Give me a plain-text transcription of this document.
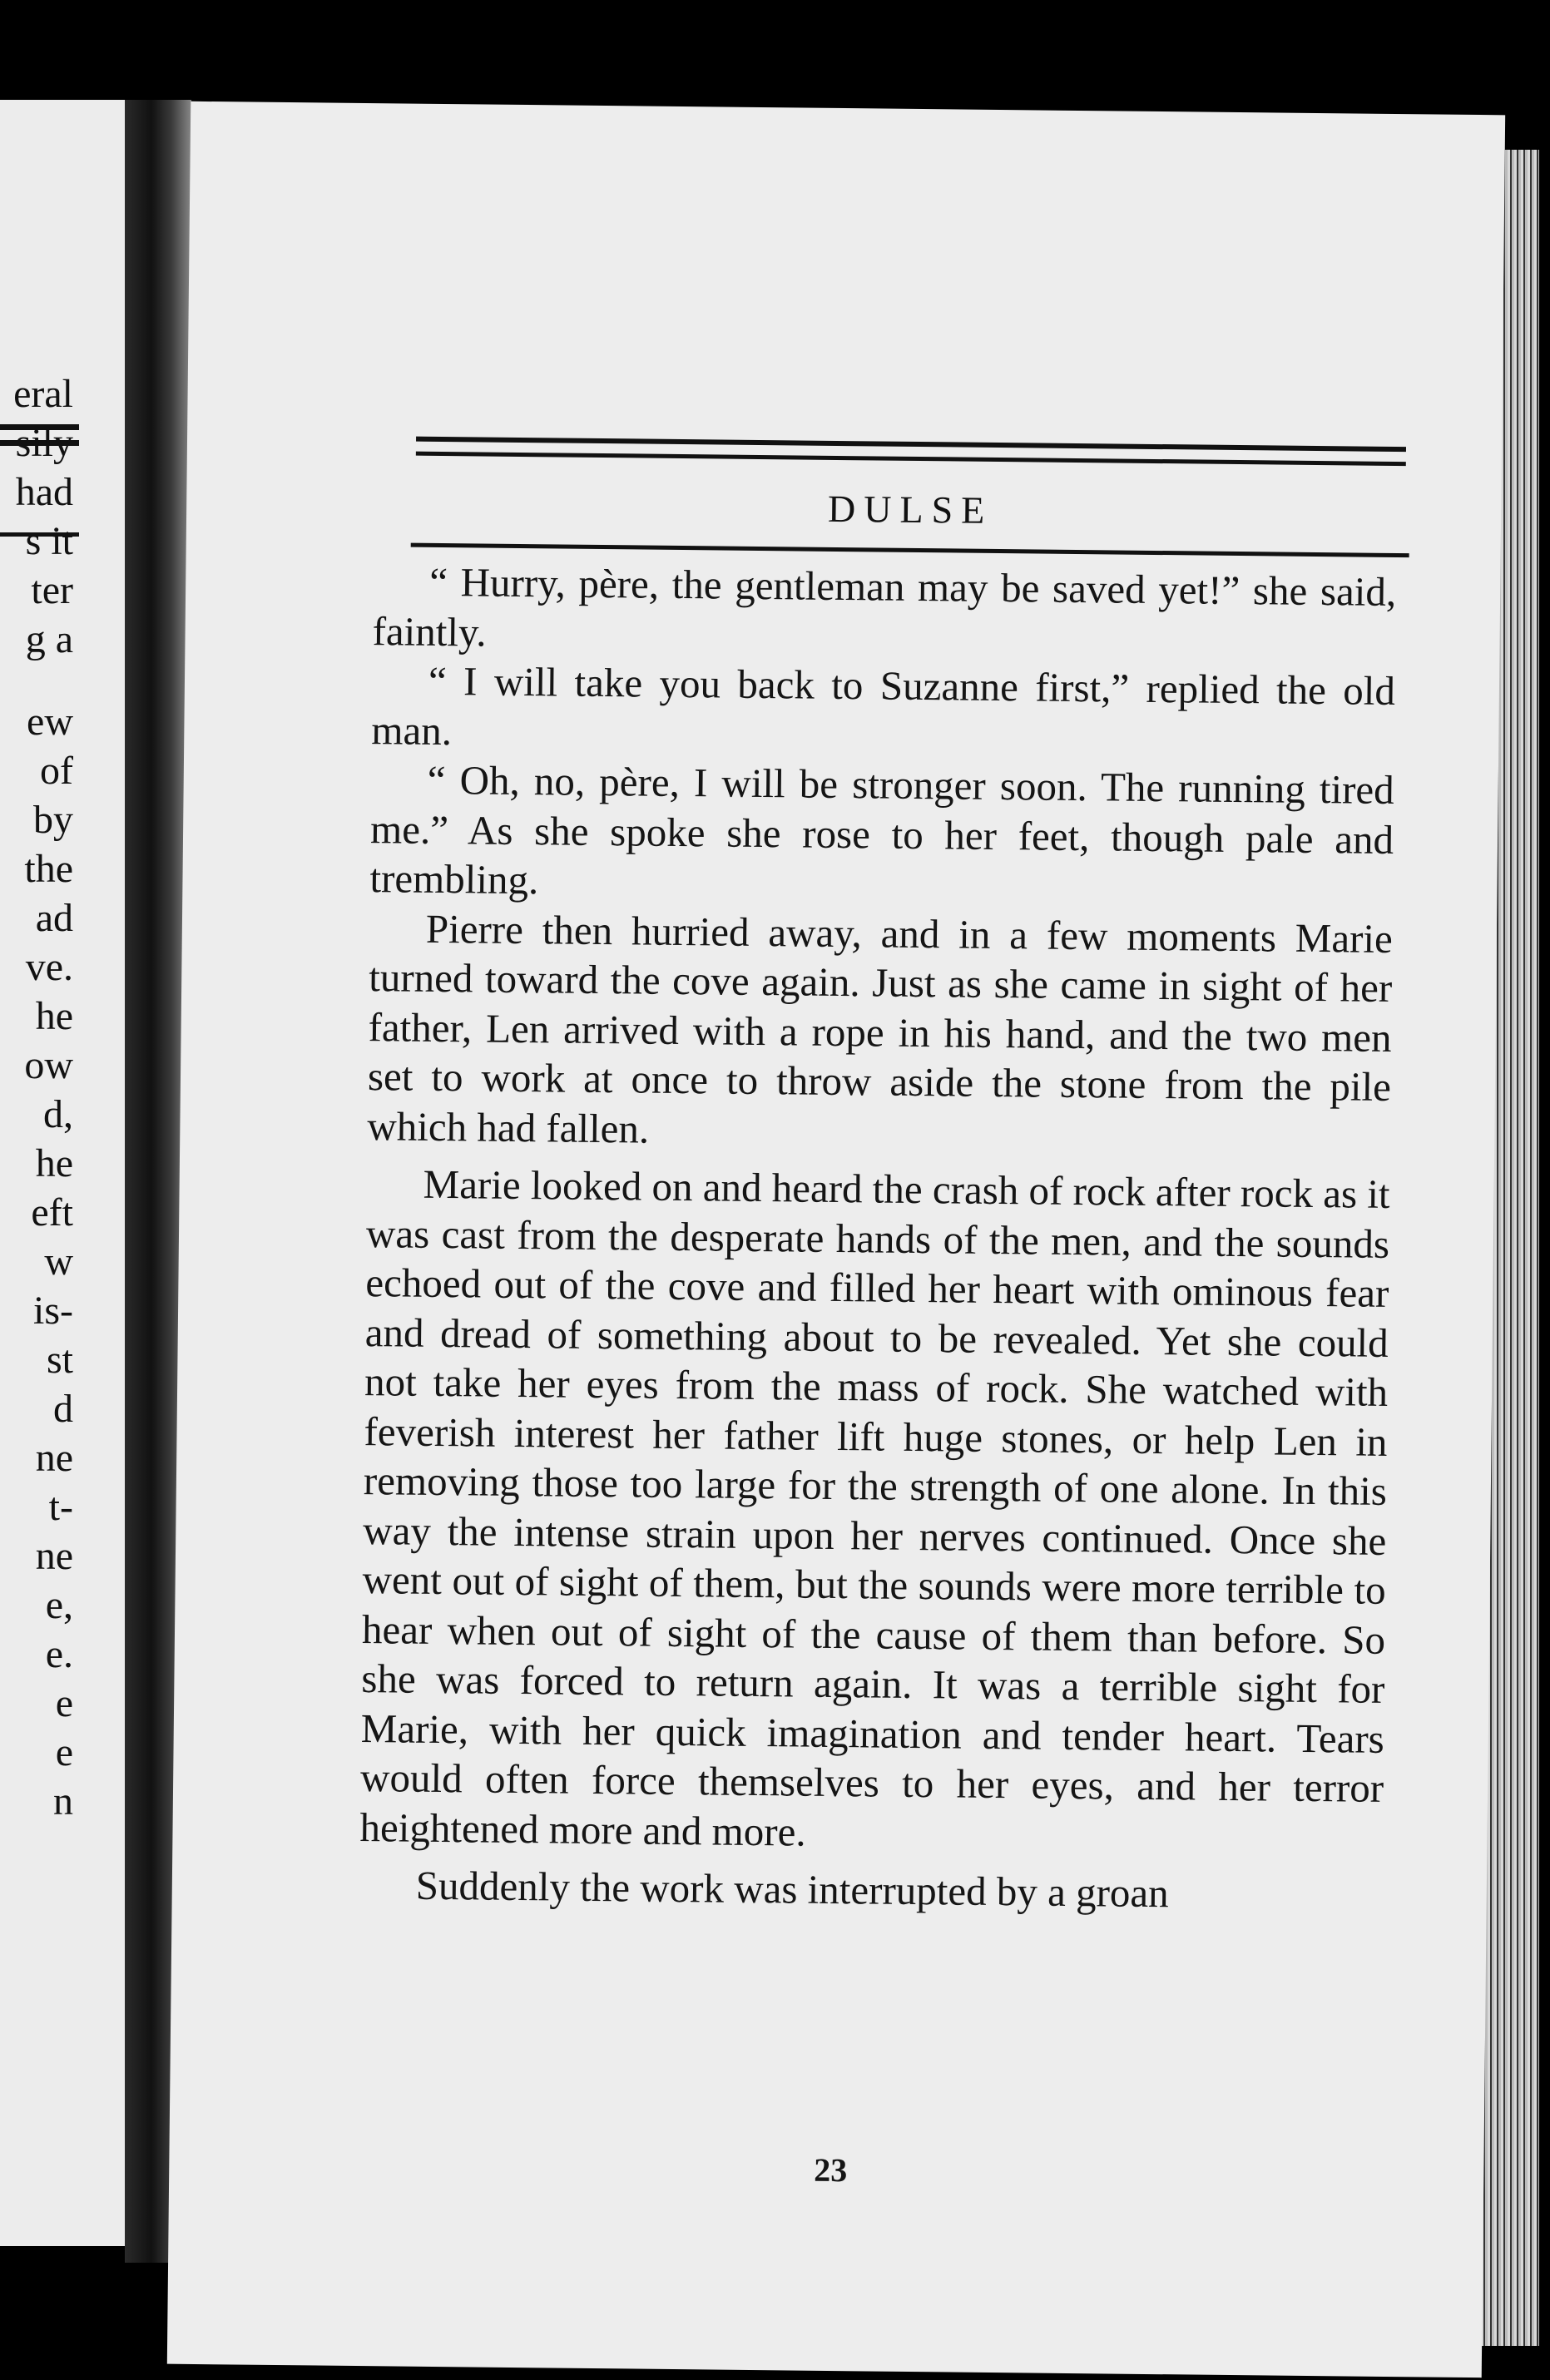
eral
sily
had
s it
ter
g a
ew
of
by
the
ad
ve.
he
ow
d,
he
eft
w
is-
st
d
ne
t-
ne
e,
e.
e
e
n
DULSE

“ Hurry, père, the gentleman may be saved yet!” she said, faintly.

“ I will take you back to Suzanne first,” replied the old man.

“ Oh, no, père, I will be stronger soon. The running tired me.” As she spoke she rose to her feet, though pale and trembling.

Pierre then hurried away, and in a few moments Marie turned toward the cove again. Just as she came in sight of her father, Len arrived with a rope in his hand, and the two men set to work at once to throw aside the stone from the pile which had fallen.

Marie looked on and heard the crash of rock after rock as it was cast from the desperate hands of the men, and the sounds echoed out of the cove and filled her heart with ominous fear and dread of something about to be revealed. Yet she could not take her eyes from the mass of rock. She watched with feverish interest her father lift huge stones, or help Len in removing those too large for the strength of one alone. In this way the intense strain upon her nerves continued. Once she went out of sight of them, but the sounds were more terrible to hear when out of sight of the cause of them than before. So she was forced to return again. It was a terrible sight for Marie, with her quick imagination and tender heart. Tears would often force themselves to her eyes, and her terror heightened more and more.

Suddenly the work was interrupted by a groan

23
